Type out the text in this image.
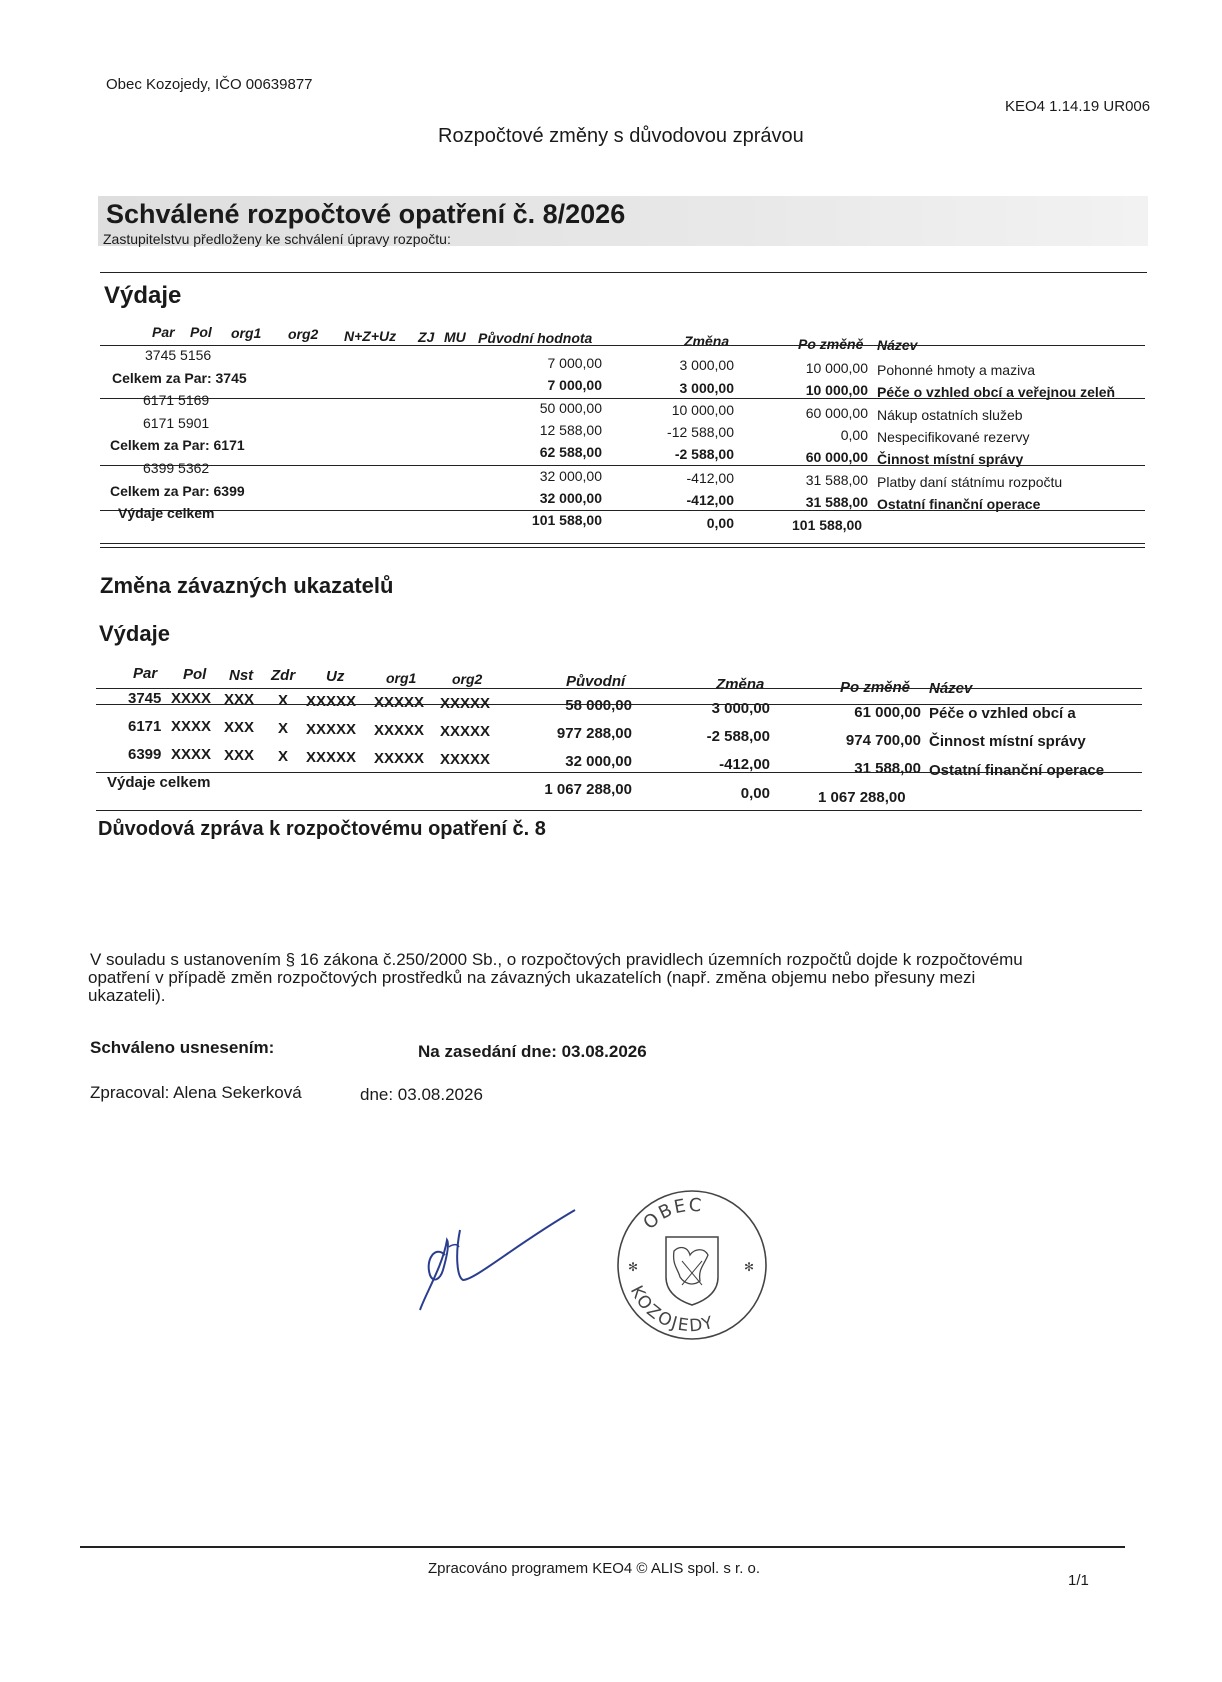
Obec Kozojedy, IČO 00639877
KEO4 1.14.19 UR006
Rozpočtové změny s důvodovou zprávou
Schválené rozpočtové opatření č. 8/2026
Zastupitelstvu předloženy ke schválení úpravy rozpočtu:
Výdaje
Par Pol org1 org2 N+Z+Uz ZJ MU Původní hodnota	Změna	Po změně Název
3745 5156	7 000,00	3 000,00	10 000,00 Pohonné hmoty a maziva
Celkem za Par: 3745	7 000,00	3 000,00	10 000,00 Péče o vzhled obcí a veřejnou zeleň
6171 5169	50 000,00	10 000,00	60 000,00 Nákup ostatních služeb
6171 5901	12 588,00	-12 588,00	0,00 Nespecifikované rezervy
Celkem za Par: 6171	62 588,00	-2 588,00	60 000,00 Činnost místní správy
6399 5362	32 000,00	-412,00	31 588,00 Platby daní státnímu rozpočtu
Celkem za Par: 6399	32 000,00	-412,00	31 588,00 Ostatní finanční operace
Výdaje celkem	101 588,00	0,00	101 588,00
Změna závazných ukazatelů
Výdaje
Par Pol Nst Zdr Uz	org1	org2	Původní	Změna	Po změně Název
3745 XXXX XXX X XXXXX XXXXX XXXXX	58 000,00	3 000,00	61 000,00 Péče o vzhled obcí a
6171 XXXX XXX X XXXXX XXXXX XXXXX	977 288,00	-2 588,00	974 700,00 Činnost místní správy
6399 XXXX XXX X XXXXX XXXXX XXXXX	32 000,00	-412,00	31 588,00 Ostatní finanční operace
Výdaje celkem	1 067 288,00	0,00	1 067 288,00
Důvodová zpráva k rozpočtovému opatření č. 8
V souladu s ustanovením § 16 zákona č.250/2000 Sb., o rozpočtových pravidlech územních rozpočtů dojde k rozpočtovému
opatření v případě změn rozpočtových prostředků na závazných ukazatelích (např. změna objemu nebo přesuny mezi
ukazateli).
Schváleno usnesením:	Na zasedání dne: 03.08.2026
Zpracoval: Alena Sekerková	dne: 03.08.2026
OBEC
KOZOJEDY
✻	✻
Zpracováno programem KEO4 © ALIS spol. s r. o.
1/1
